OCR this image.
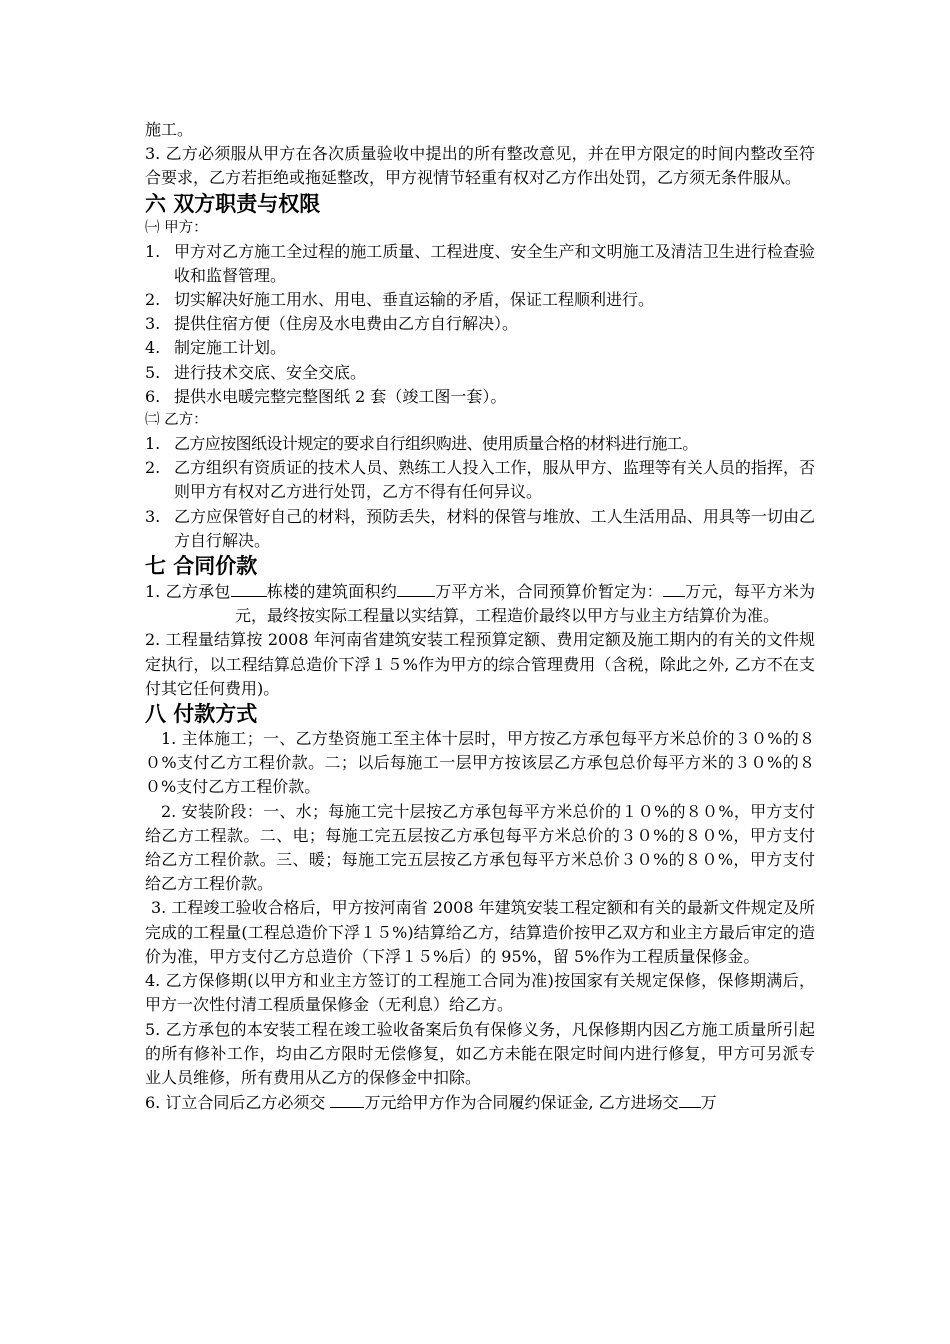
施工。

3. 乙方必须服从甲方在各次质量验收中提出的所有整改意见，并在甲方限定的时间内整改至符合要求，乙方若拒绝或拖延整改，甲方视情节轻重有权对乙方作出处罚，乙方须无条件服从。

六 双方职责与权限

㈠ 甲方：

1. 甲方对乙方施工全过程的施工质量、工程进度、安全生产和文明施工及清洁卫生进行检查验收和监督管理。

2. 切实解决好施工用水、用电、垂直运输的矛盾，保证工程顺利进行。

3. 提供住宿方便（住房及水电费由乙方自行解决）。

4. 制定施工计划。

5. 进行技术交底、安全交底。

6. 提供水电暖完整完整图纸 2 套（竣工图一套）。

㈡ 乙方：

1. 乙方应按图纸设计规定的要求自行组织购进、使用质量合格的材料进行施工。

2. 乙方组织有资质证的技术人员、熟练工人投入工作，服从甲方、监理等有关人员的指挥，否则甲方有权对乙方进行处罚，乙方不得有任何异议。

3. 乙方应保管好自己的材料，预防丢失，材料的保管与堆放、工人生活用品、用具等一切由乙方自行解决。

七 合同价款

1. 乙方承包 栋楼的建筑面积约 万平方米，合同预算价暂定为： 万元，每平方米为元，最终按实际工程量以实结算，工程造价最终以甲方与业主方结算价为准。

2. 工程量结算按 2008 年河南省建筑安装工程预算定额、费用定额及施工期内的有关的文件规定执行，以工程结算总造价下浮１５%作为甲方的综合管理费用（含税，除此之外, 乙方不在支付其它任何费用)。

八 付款方式

1. 主体施工；一、乙方垫资施工至主体十层时，甲方按乙方承包每平方米总价的３０%的８０%支付乙方工程价款。二；以后每施工一层甲方按该层乙方承包总价每平方米的３０%的８０%支付乙方工程价款。

2. 安装阶段：一、水；每施工完十层按乙方承包每平方米总价的１０%的８０%，甲方支付给乙方工程款。二、电；每施工完五层按乙方承包每平方米总价的３０%的８０%，甲方支付给乙方工程价款。三、暖；每施工完五层按乙方承包每平方米总价３０%的８０%，甲方支付给乙方工程价款。

3. 工程竣工验收合格后，甲方按河南省 2008 年建筑安装工程定额和有关的最新文件规定及所完成的工程量(工程总造价下浮１５%)结算给乙方，结算造价按甲乙双方和业主方最后审定的造价为准，甲方支付乙方总造价（下浮１５%后）的 95%，留 5%作为工程质量保修金。

4. 乙方保修期(以甲方和业主方签订的工程施工合同为准)按国家有关规定保修，保修期满后，甲方一次性付清工程质量保修金（无利息）给乙方。

5. 乙方承包的本安装工程在竣工验收备案后负有保修义务，凡保修期内因乙方施工质量所引起的所有修补工作，均由乙方限时无偿修复，如乙方未能在限定时间内进行修复，甲方可另派专业人员维修，所有费用从乙方的保修金中扣除。

6. 订立合同后乙方必须交 万元给甲方作为合同履约保证金, 乙方进场交 万
